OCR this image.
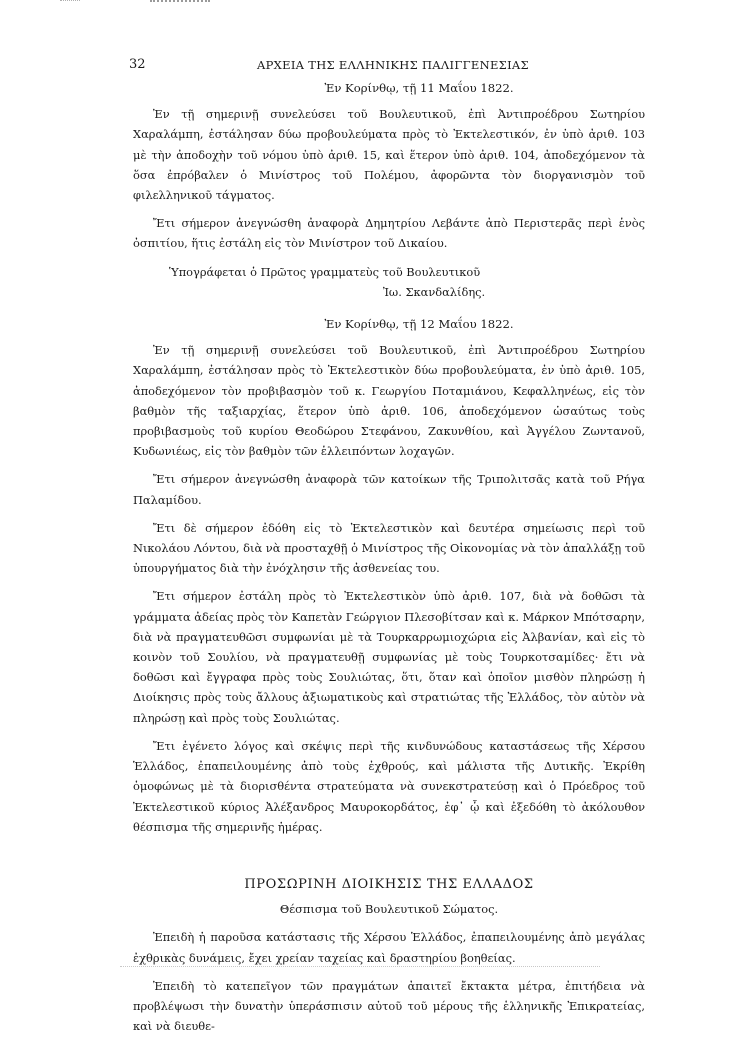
32	ΑΡΧΕΙΑ ΤΗΣ ΕΛΛΗΝΙΚΗΣ ΠΑΛΙΓΓΕΝΕΣΙΑΣ
Ἐν Κορίνθῳ, τῇ 11 Μαΐου 1822.

Ἐν τῇ σημερινῇ συνελεύσει τοῦ Βουλευτικοῦ, ἐπὶ Ἀντιπροέδρου Σωτηρίου Χαραλάμπη, ἐστάλησαν δύω προβουλεύματα πρὸς τὸ Ἐκτελεστικόν, ἐν ὑπὸ ἀριθ. 103 μὲ τὴν ἀποδοχὴν τοῦ νόμου ὑπὸ ἀριθ. 15, καὶ ἕτερον ὑπὸ ἀριθ. 104, ἀποδεχόμενον τὰ ὅσα ἐπρόβαλεν ὁ Μινίστρος τοῦ Πολέμου, ἀφορῶντα τὸν διοργανισμὸν τοῦ φιλελληνικοῦ τάγματος.

Ἔτι σήμερον ἀνεγνώσθη ἀναφορὰ Δημητρίου Λεβάντε ἀπὸ Περιστερᾶς περὶ ἑνὸς ὀσπιτίου, ἥτις ἐστάλη εἰς τὸν Μινίστρον τοῦ Δικαίου.

Ὑπογράφεται ὁ Πρῶτος γραμματεὺς τοῦ Βουλευτικοῦ
Ἰω. Σκανδαλίδης.
Ἐν Κορίνθῳ, τῇ 12 Μαΐου 1822.

Ἐν τῇ σημερινῇ συνελεύσει τοῦ Βουλευτικοῦ, ἐπὶ Ἀντιπροέδρου Σωτηρίου Χαραλάμπη, ἐστάλησαν πρὸς τὸ Ἐκτελεστικὸν δύω προβουλεύματα, ἐν ὑπὸ ἀριθ. 105, ἀποδεχόμενον τὸν προβιβασμὸν τοῦ κ. Γεωργίου Ποταμιάνου, Κεφαλληνέως, εἰς τὸν βαθμὸν τῆς ταξιαρχίας, ἕτερον ὑπὸ ἀριθ. 106, ἀποδεχόμενον ὡσαύτως τοὺς προβιβασμοὺς τοῦ κυρίου Θεοδώρου Στεφάνου, Ζακυνθίου, καὶ Ἀγγέλου Ζωντανοῦ, Κυδωνιέως, εἰς τὸν βαθμὸν τῶν ἑλλειπόντων λοχαγῶν.

Ἔτι σήμερον ἀνεγνώσθη ἀναφορὰ τῶν κατοίκων τῆς Τριπολιτσᾶς κατὰ τοῦ Ρήγα Παλαμίδου.

Ἔτι δὲ σήμερον ἐδόθη εἰς τὸ Ἐκτελεστικὸν καὶ δευτέρα σημείωσις περὶ τοῦ Νικολάου Λόντου, διὰ νὰ προσταχθῇ ὁ Μινίστρος τῆς Οἰκονομίας νὰ τὸν ἀπαλλάξῃ τοῦ ὑπουργήματος διὰ τὴν ἐνόχλησιν τῆς ἀσθενείας του.

Ἔτι σήμερον ἐστάλη πρὸς τὸ Ἐκτελεστικὸν ὑπὸ ἀριθ. 107, διὰ νὰ δοθῶσι τὰ γράμματα ἀδείας πρὸς τὸν Καπετὰν Γεώργιον Πλεσοβίτσαν καὶ κ. Μάρκον Μπότσαρην, διὰ νὰ πραγματευθῶσι συμφωνίαι μὲ τὰ Τουρκαρρωμιοχώρια εἰς Ἀλβανίαν, καὶ εἰς τὸ κοινὸν τοῦ Σουλίου, νὰ πραγματευθῇ συμφωνίας μὲ τοὺς Τουρκοτσαμίδες· ἔτι νὰ δοθῶσι καὶ ἔγγραφα πρὸς τοὺς Σουλιώτας, ὅτι, ὅταν καὶ ὁποῖον μισθὸν πληρώσῃ ἡ Διοίκησις πρὸς τοὺς ἄλλους ἀξιωματικοὺς καὶ στρατιώτας τῆς Ἑλλάδος, τὸν αὐτὸν νὰ πληρώσῃ καὶ πρὸς τοὺς Σουλιώτας.

Ἔτι ἐγένετο λόγος καὶ σκέψις περὶ τῆς κινδυνώδους καταστάσεως τῆς Χέρσου Ἑλλάδος, ἐπαπειλουμένης ἀπὸ τοὺς ἐχθρούς, καὶ μάλιστα τῆς Δυτικῆς. Ἐκρίθη ὁμοφώνως μὲ τὰ διορισθέντα στρατεύματα νὰ συνεκστρατεύσῃ καὶ ὁ Πρόεδρος τοῦ Ἐκτελεστικοῦ κύριος Ἀλέξανδρος Μαυροκορδάτος, ἐφ᾽ ᾧ καὶ ἐξεδόθη τὸ ἀκόλουθον θέσπισμα τῆς σημερινῆς ἡμέρας.

ΠΡΟΣΩΡΙΝΗ ΔΙΟΙΚΗΣΙΣ ΤΗΣ ΕΛΛΑΔΟΣ
Θέσπισμα τοῦ Βουλευτικοῦ Σώματος.

Ἐπειδὴ ἡ παροῦσα κατάστασις τῆς Χέρσου Ἑλλάδος, ἐπαπειλουμένης ἀπὸ μεγάλας ἐχθρικὰς δυνάμεις, ἔχει χρείαν ταχείας καὶ δραστηρίου βοηθείας.

Ἐπειδὴ τὸ κατεπεῖγον τῶν πραγμάτων ἀπαιτεῖ ἔκτακτα μέτρα, ἐπιτήδεια νὰ προβλέψωσι τὴν δυνατὴν ὑπεράσπισιν αὐτοῦ τοῦ μέρους τῆς ἑλληνικῆς Ἐπικρατείας, καὶ νὰ διευθε-
